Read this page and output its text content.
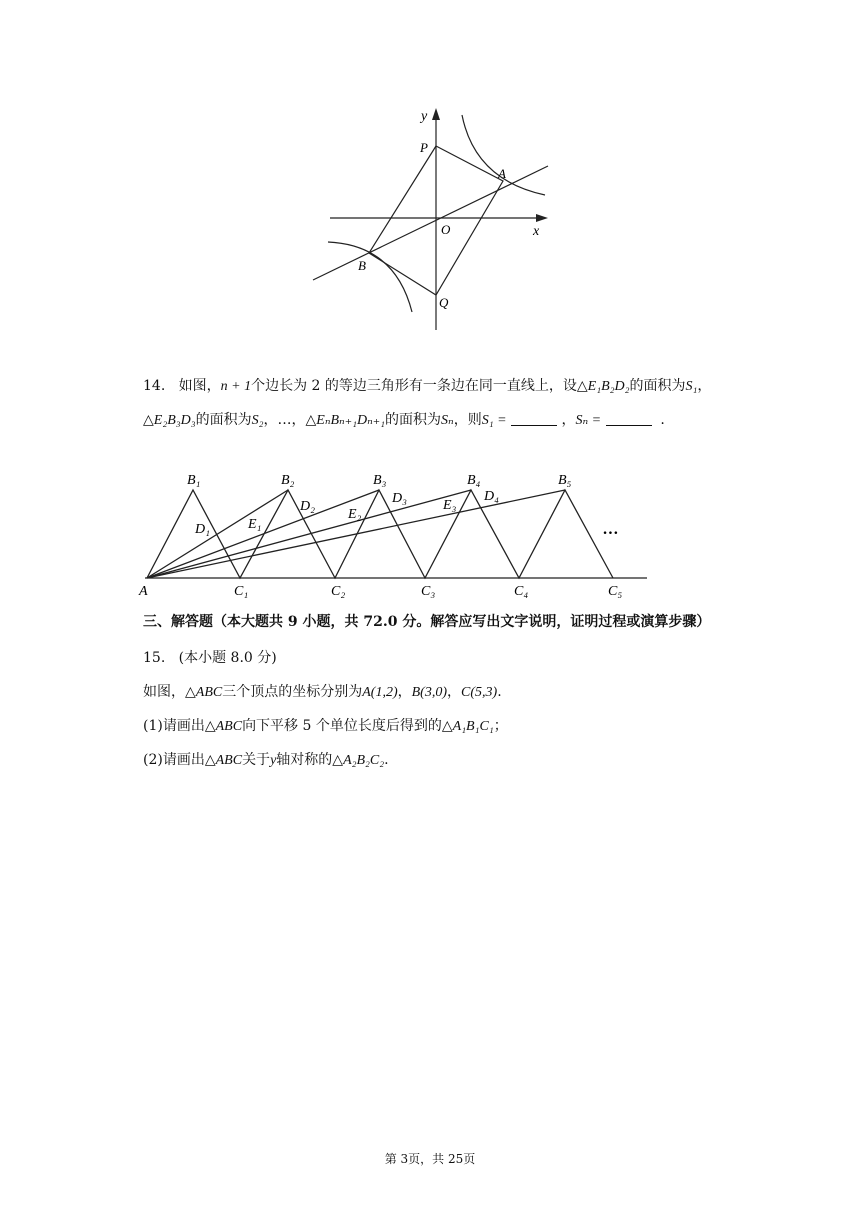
y
x
P
A
O
B
Q
14. 如图，n + 1个边长为 2 的等边三角形有一条边在同一直线上，设△E₁B₂D₂的面积为S₁，
△E₂B₃D₃的面积为S₂，…，△EₙBₙ₊₁Dₙ₊₁的面积为Sₙ，则S₁ =	，Sₙ =	.
A
B₁	B₂	B₃	B₄	B₅
C₁	C₂	C₃	C₄	C₅
D₁
D₂
D₃	D₄
E₁
E₂
E₃
…
三、解答题（本大题共 9 小题，共 72.0 分。解答应写出文字说明，证明过程或演算步骤）
15. (本小题 8.0 分)
如图，△ABC三个顶点的坐标分别为A(1,2)，B(3,0)，C(5,3).
(1)请画出△ABC向下平移 5 个单位长度后得到的△A₁B₁C₁；
(2)请画出△ABC关于y轴对称的△A₂B₂C₂.
第 3页，共 25页
